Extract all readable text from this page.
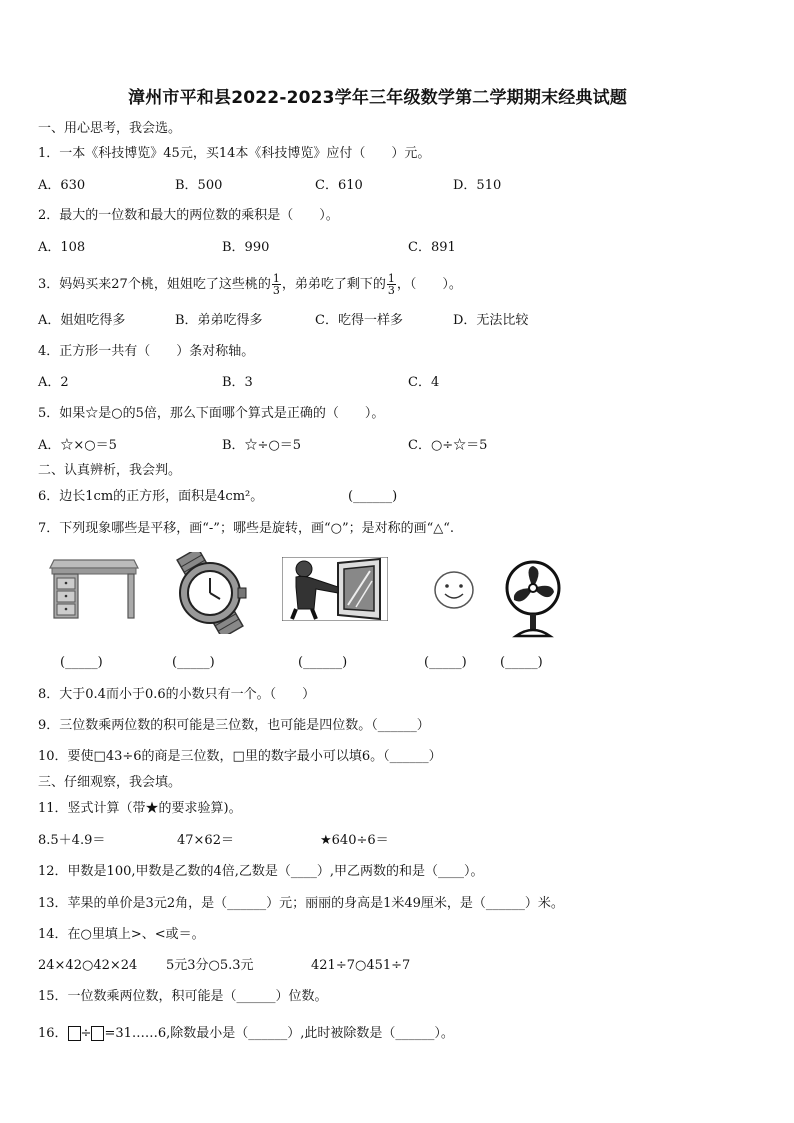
漳州市平和县2022-2023学年三年级数学第二学期期末经典试题
一、用心思考，我会选。
1．一本《科技博览》45元，买14本《科技博览》应付（　　）元。
A．630	B．500	C．610	D．510
2．最大的一位数和最大的两位数的乘积是（　　）。
A．108	B．990	C．891
3．妈妈买来27个桃，姐姐吃了这些桃的 $\frac{1}{3}$ ，弟弟吃了剩下的 $\frac{1}{3}$ ，（　　）。
A．姐姐吃得多	B．弟弟吃得多	C．吃得一样多	D．无法比较
4．正方形一共有（　　）条对称轴。
A．2	B．3	C．4
5．如果☆是○的5倍，那么下面哪个算式是正确的（　　）。
A．☆×○＝5	B．☆÷○＝5	C．○÷☆＝5
二、认真辨析，我会判。
6．边长1cm的正方形，面积是4cm²。	(______)
7．下列现象哪些是平移，画“-”；哪些是旋转，画“○”；是对称的画“△“.
(_____)	(_____)	(______)	(_____)	(_____)
8．大于0.4而小于0.6的小数只有一个。（　　）
9．三位数乘两位数的积可能是三位数，也可能是四位数。（______）
10．要使□43÷6的商是三位数，□里的数字最小可以填6。（______）
三、仔细观察，我会填。
11．竖式计算（带★的要求验算)。
8.5＋4.9＝	47×62＝	★640÷6＝
12．甲数是100,甲数是乙数的4倍,乙数是（____）,甲乙两数的和是（____）。
13．苹果的单价是3元2角，是（______）元；丽丽的身高是1米49厘米，是（______）米。
14．在○里填上>、<或＝。
24×42○42×24 5元3分○5.3元	421÷7○451÷7
15．一位数乘两位数，积可能是（______）位数。
16． ÷ =31……6,除数最小是（______）,此时被除数是（______）。
